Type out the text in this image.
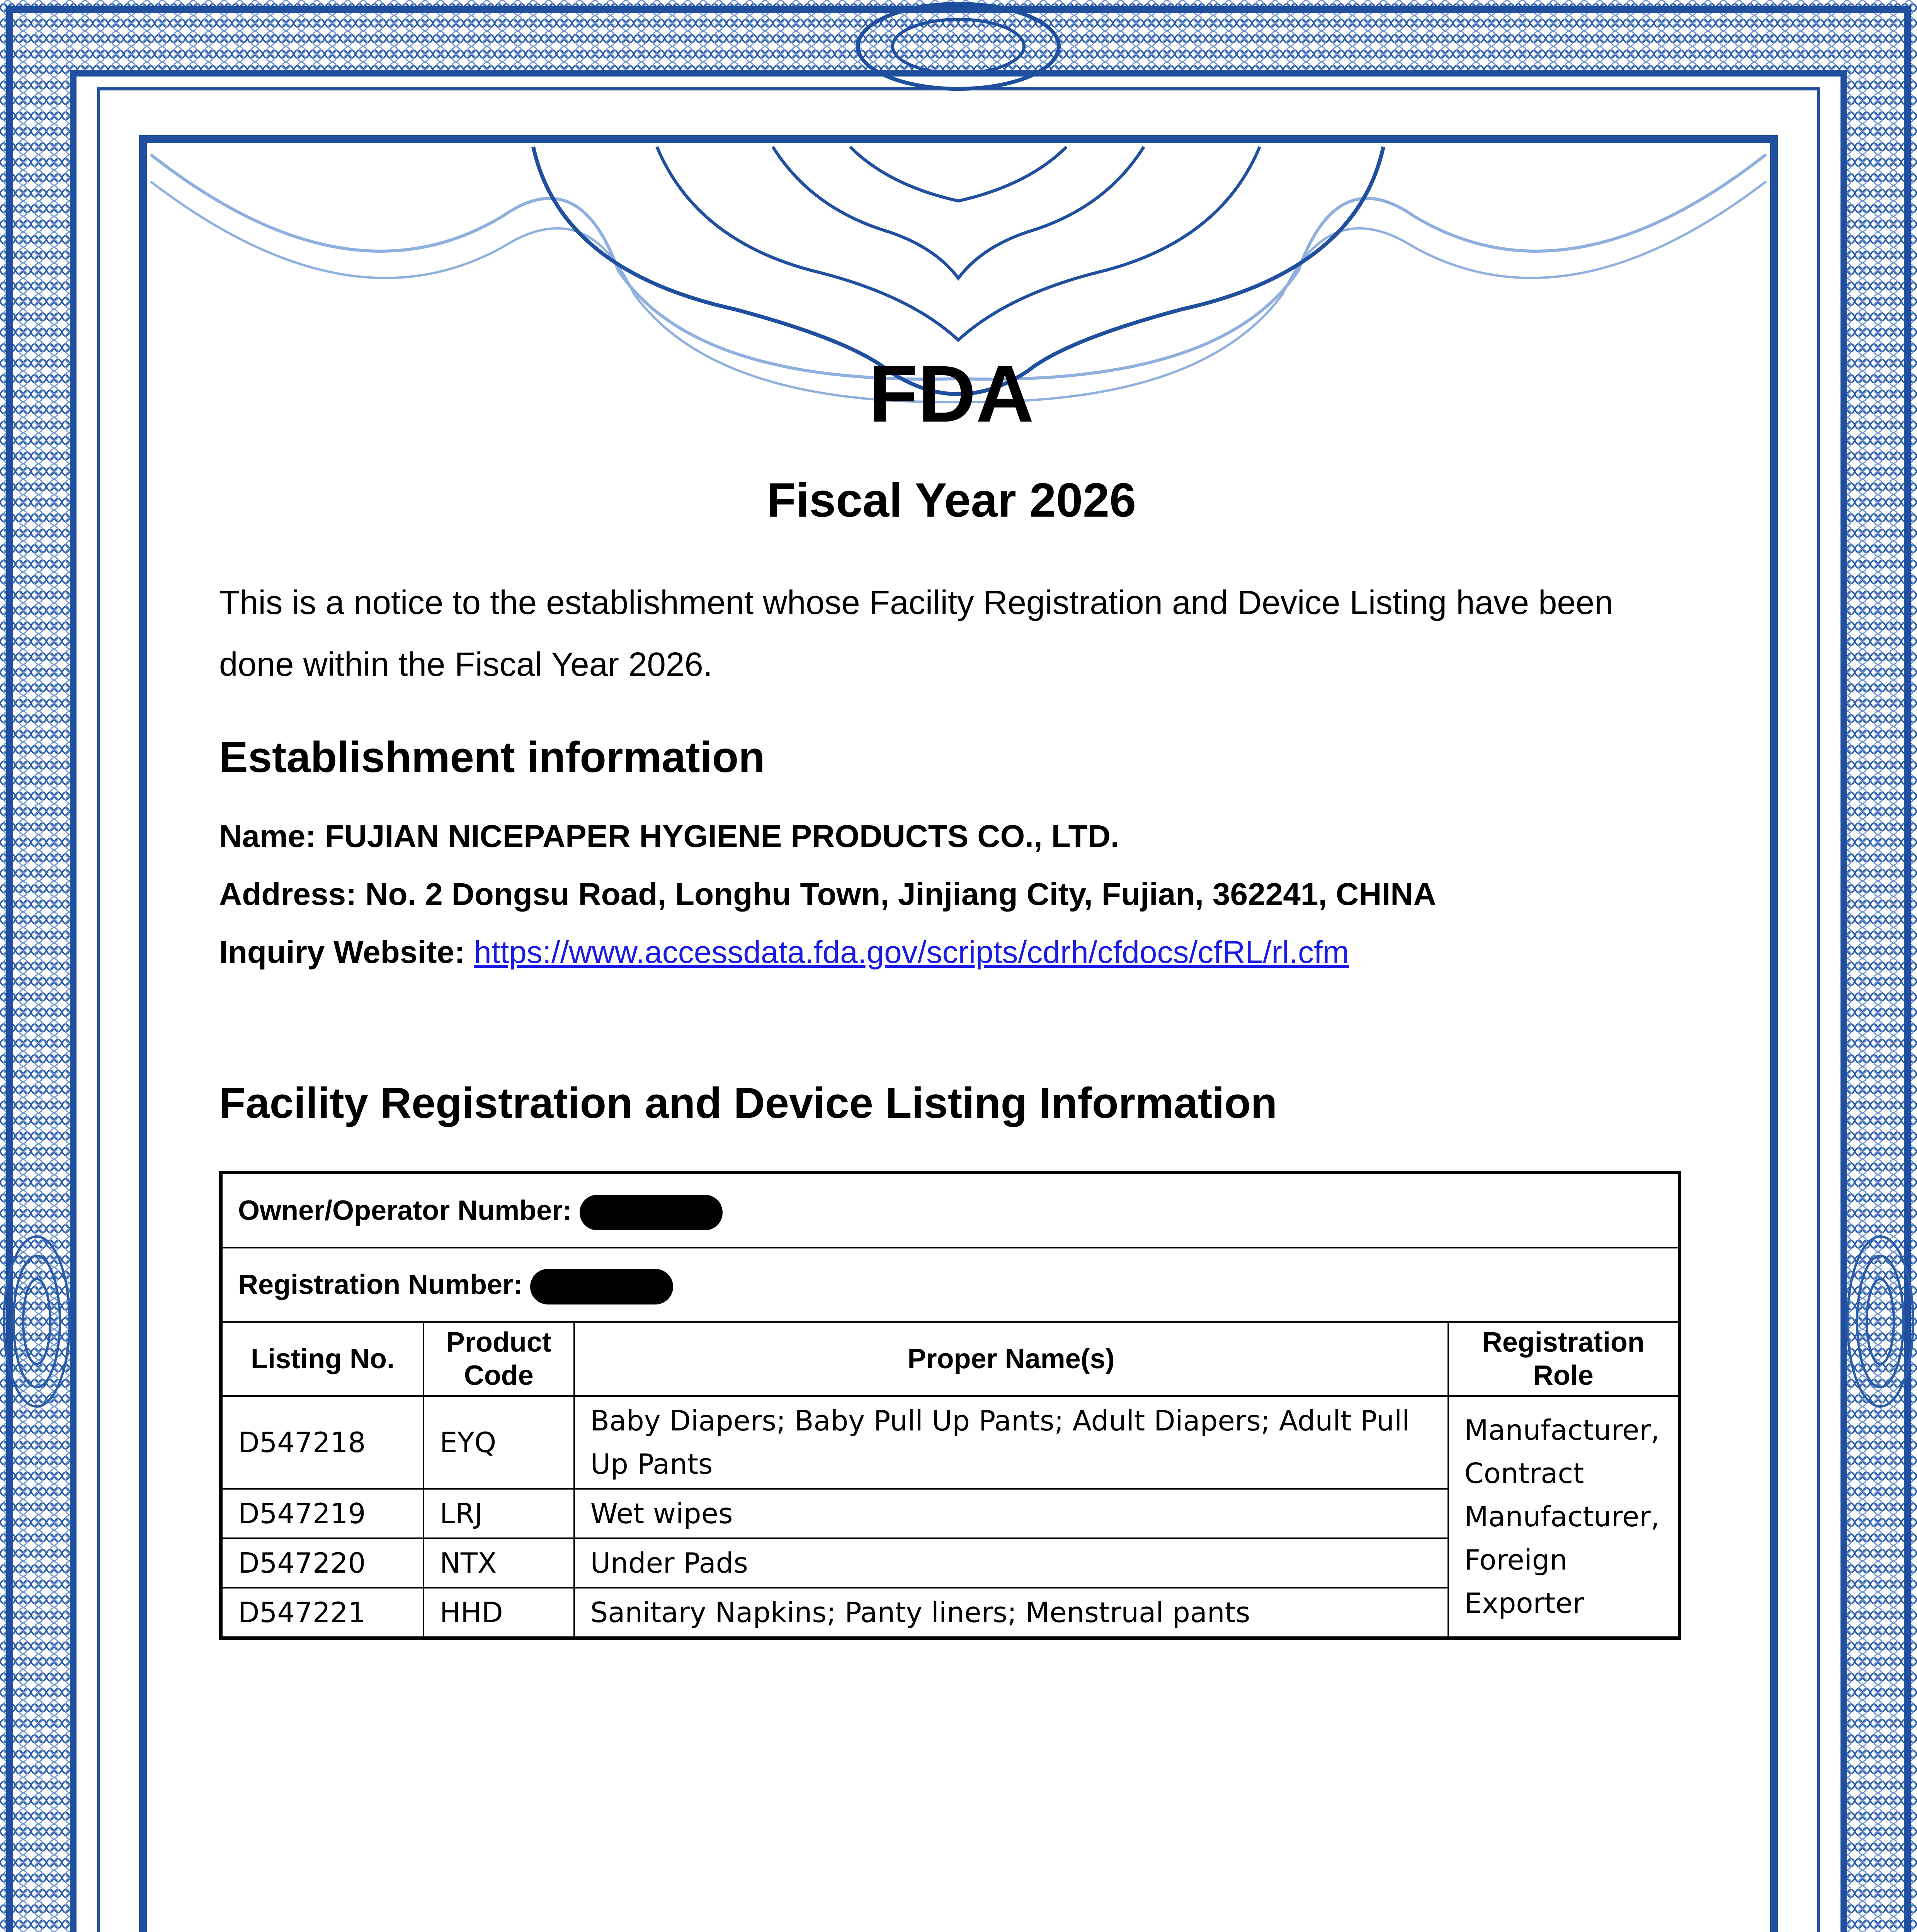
FDA
Fiscal Year 2026
This is a notice to the establishment whose Facility Registration and Device Listing have been done within the Fiscal Year 2026.
Establishment information
Name: FUJIAN NICEPAPER HYGIENE PRODUCTS CO., LTD.
Address: No. 2 Dongsu Road, Longhu Town, Jinjiang City, Fujian, 362241, CHINA
Inquiry Website: https://www.accessdata.fda.gov/scripts/cdrh/cfdocs/cfRL/rl.cfm
Facility Registration and Device Listing Information
Owner/Operator Number:			
Registration Number:			
Listing No.	Product Code	Proper Name(s)	Registration Role
D547218	EYQ	Baby Diapers; Baby Pull Up Pants; Adult Diapers; Adult Pull Up Pants	Manufacturer, Contract Manufacturer, Foreign Exporter
D547219	LRJ	Wet wipes	
D547220	NTX	Under Pads	
D547221	HHD	Sanitary Napkins; Panty liners; Menstrual pants	
